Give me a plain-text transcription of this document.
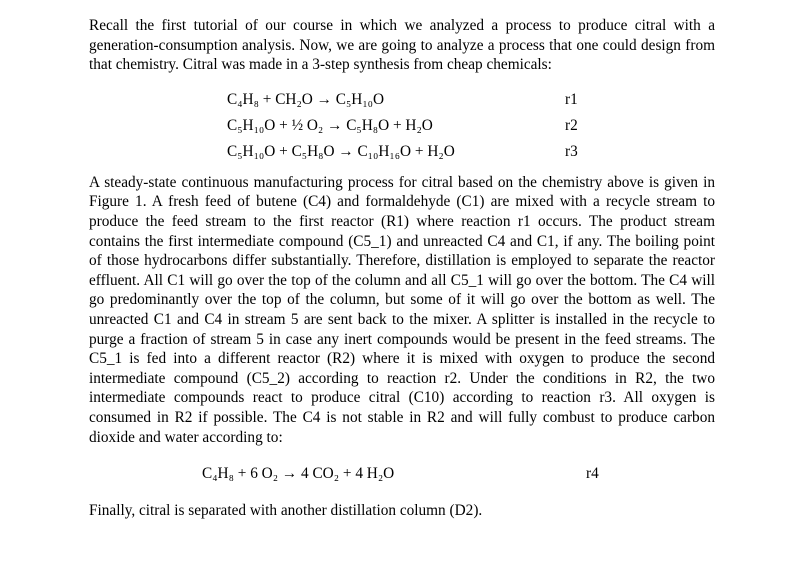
Recall the first tutorial of our course in which we analyzed a process to produce citral with a generation-consumption analysis. Now, we are going to analyze a process that one could design from that chemistry. Citral was made in a 3-step synthesis from cheap chemicals:

C₄H₈ + CH₂O → C₅H₁₀O	r1
C₅H₁₀O + ½ O₂ → C₅H₈O + H₂O	r2
C₅H₁₀O + C₅H₈O → C₁₀H₁₆O + H₂O	r3

A steady-state continuous manufacturing process for citral based on the chemistry above is given in Figure 1. A fresh feed of butene (C4) and formaldehyde (C1) are mixed with a recycle stream to produce the feed stream to the first reactor (R1) where reaction r1 occurs. The product stream contains the first intermediate compound (C5_1) and unreacted C4 and C1, if any. The boiling point of those hydrocarbons differ substantially. Therefore, distillation is employed to separate the reactor effluent. All C1 will go over the top of the column and all C5_1 will go over the bottom. The C4 will go predominantly over the top of the column, but some of it will go over the bottom as well. The unreacted C1 and C4 in stream 5 are sent back to the mixer. A splitter is installed in the recycle to purge a fraction of stream 5 in case any inert compounds would be present in the feed streams. The C5_1 is fed into a different reactor (R2) where it is mixed with oxygen to produce the second intermediate compound (C5_2) according to reaction r2. Under the conditions in R2, the two intermediate compounds react to produce citral (C10) according to reaction r3. All oxygen is consumed in R2 if possible. The C4 is not stable in R2 and will fully combust to produce carbon dioxide and water according to:

C₄H₈ + 6 O₂ → 4 CO₂ + 4 H₂O	r4

Finally, citral is separated with another distillation column (D2).
